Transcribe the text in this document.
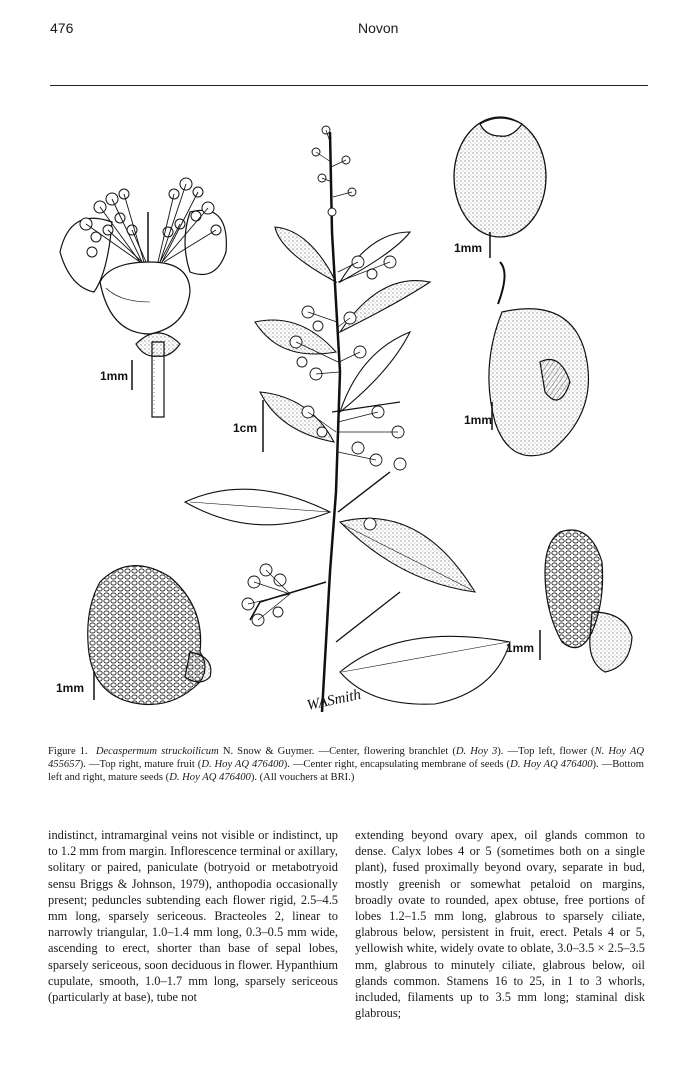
476	Novon
1mm
1cm
WASmith
1mm
1mm
1mm
1mm
Figure 1. Decaspermum struckoilicum N. Snow & Guymer. —Center, flowering branchlet (D. Hoy 3). —Top left, flower (N. Hoy AQ 455657). —Top right, mature fruit (D. Hoy AQ 476400). —Center right, encapsulating membrane of seeds (D. Hoy AQ 476400). —Bottom left and right, mature seeds (D. Hoy AQ 476400). (All vouchers at BRI.)
indistinct, intramarginal veins not visible or indistinct, up to 1.2 mm from margin. Inflorescence terminal or axillary, solitary or paired, paniculate (botryoid or metabotryoid sensu Briggs & Johnson, 1979), anthopodia occasionally present; peduncles subtending each flower rigid, 2.5–4.5 mm long, sparsely sericeous. Bracteoles 2, linear to narrowly triangular, 1.0–1.4 mm long, 0.3–0.5 mm wide, ascending to erect, shorter than base of sepal lobes, sparsely sericeous, soon deciduous in flower. Hypanthium cupulate, smooth, 1.0–1.7 mm long, sparsely sericeous (particularly at base), tube not
extending beyond ovary apex, oil glands common to dense. Calyx lobes 4 or 5 (sometimes both on a single plant), fused proximally beyond ovary, separate in bud, mostly greenish or somewhat petaloid on margins, broadly ovate to rounded, apex obtuse, free portions of lobes 1.2–1.5 mm long, glabrous to sparsely ciliate, glabrous below, persistent in fruit, erect. Petals 4 or 5, yellowish white, widely ovate to oblate, 3.0–3.5 × 2.5–3.5 mm, glabrous to minutely ciliate, glabrous below, oil glands common. Stamens 16 to 25, in 1 to 3 whorls, included, filaments up to 3.5 mm long; staminal disk glabrous;
